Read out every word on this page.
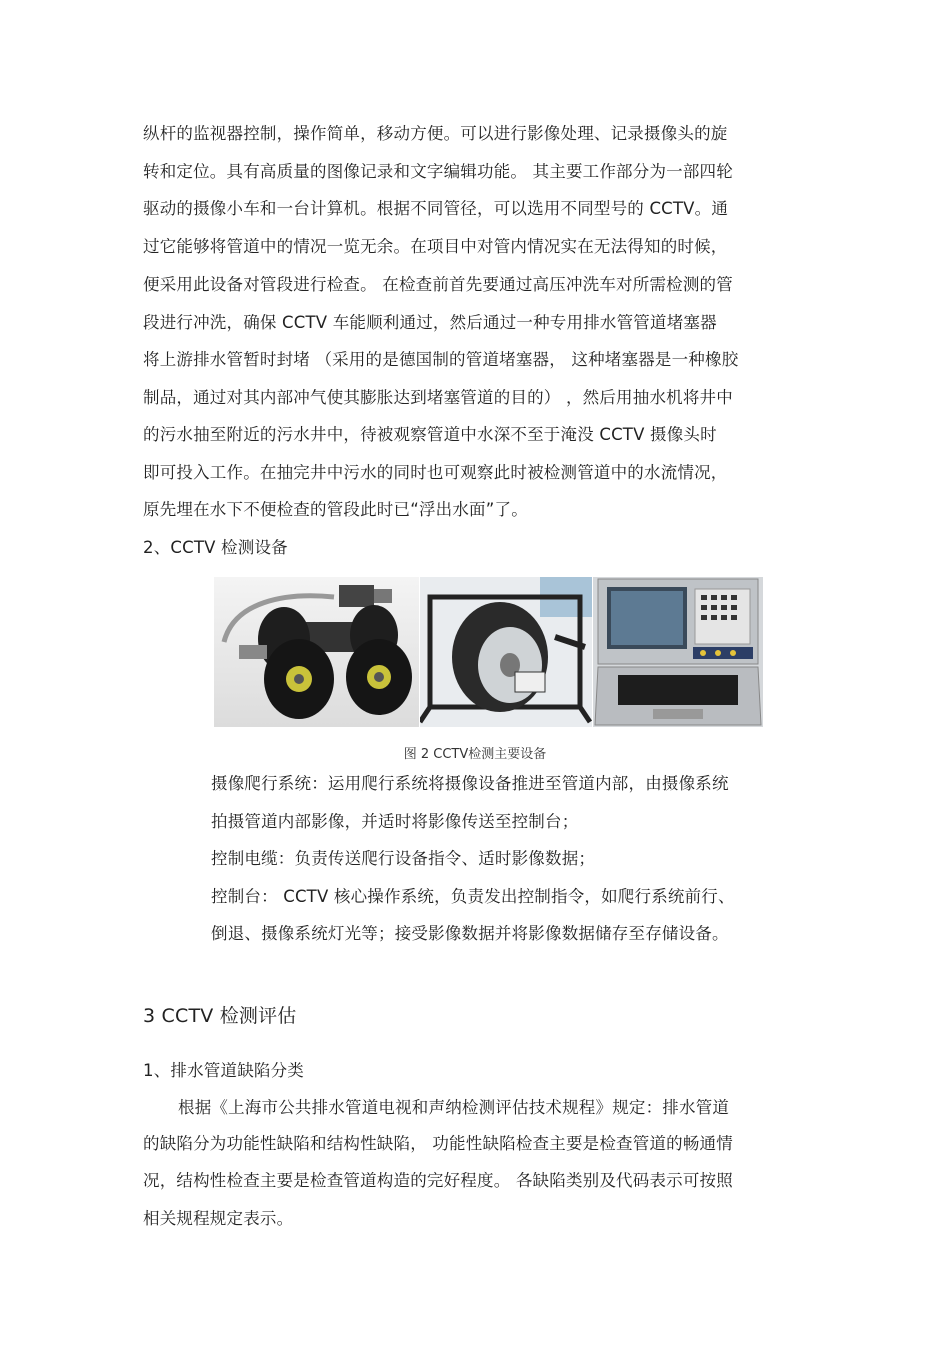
纵杆的监视器控制，操作简单，移动方便。可以进行影像处理、记录摄像头的旋
转和定位。具有高质量的图像记录和文字编辑功能。 其主要工作部分为一部四轮
驱动的摄像小车和一台计算机。根据不同管径，可以选用不同型号的 CCTV。通
过它能够将管道中的情况一览无余。在项目中对管内情况实在无法得知的时候，
便采用此设备对管段进行检查。 在检查前首先要通过高压冲洗车对所需检测的管
段进行冲洗，确保 CCTV 车能顺利通过，然后通过一种专用排水管管道堵塞器
将上游排水管暂时封堵 （采用的是德国制的管道堵塞器， 这种堵塞器是一种橡胶
制品，通过对其内部冲气使其膨胀达到堵塞管道的目的） ，然后用抽水机将井中
的污水抽至附近的污水井中，待被观察管道中水深不至于淹没 CCTV 摄像头时
即可投入工作。在抽完井中污水的同时也可观察此时被检测管道中的水流情况，
原先埋在水下不便检查的管段此时已“浮出水面”了。
2、CCTV 检测设备
图 2 CCTV检测主要设备
摄像爬行系统：运用爬行系统将摄像设备推进至管道内部，由摄像系统
拍摄管道内部影像，并适时将影像传送至控制台；
控制电缆：负责传送爬行设备指令、适时影像数据；
控制台： CCTV 核心操作系统，负责发出控制指令，如爬行系统前行、
倒退、摄像系统灯光等；接受影像数据并将影像数据储存至存储设备。
3 CCTV 检测评估
1、排水管道缺陷分类
根据《上海市公共排水管道电视和声纳检测评估技术规程》规定：排水管道
的缺陷分为功能性缺陷和结构性缺陷， 功能性缺陷检查主要是检查管道的畅通情
况，结构性检查主要是检查管道构造的完好程度。 各缺陷类别及代码表示可按照
相关规程规定表示。
